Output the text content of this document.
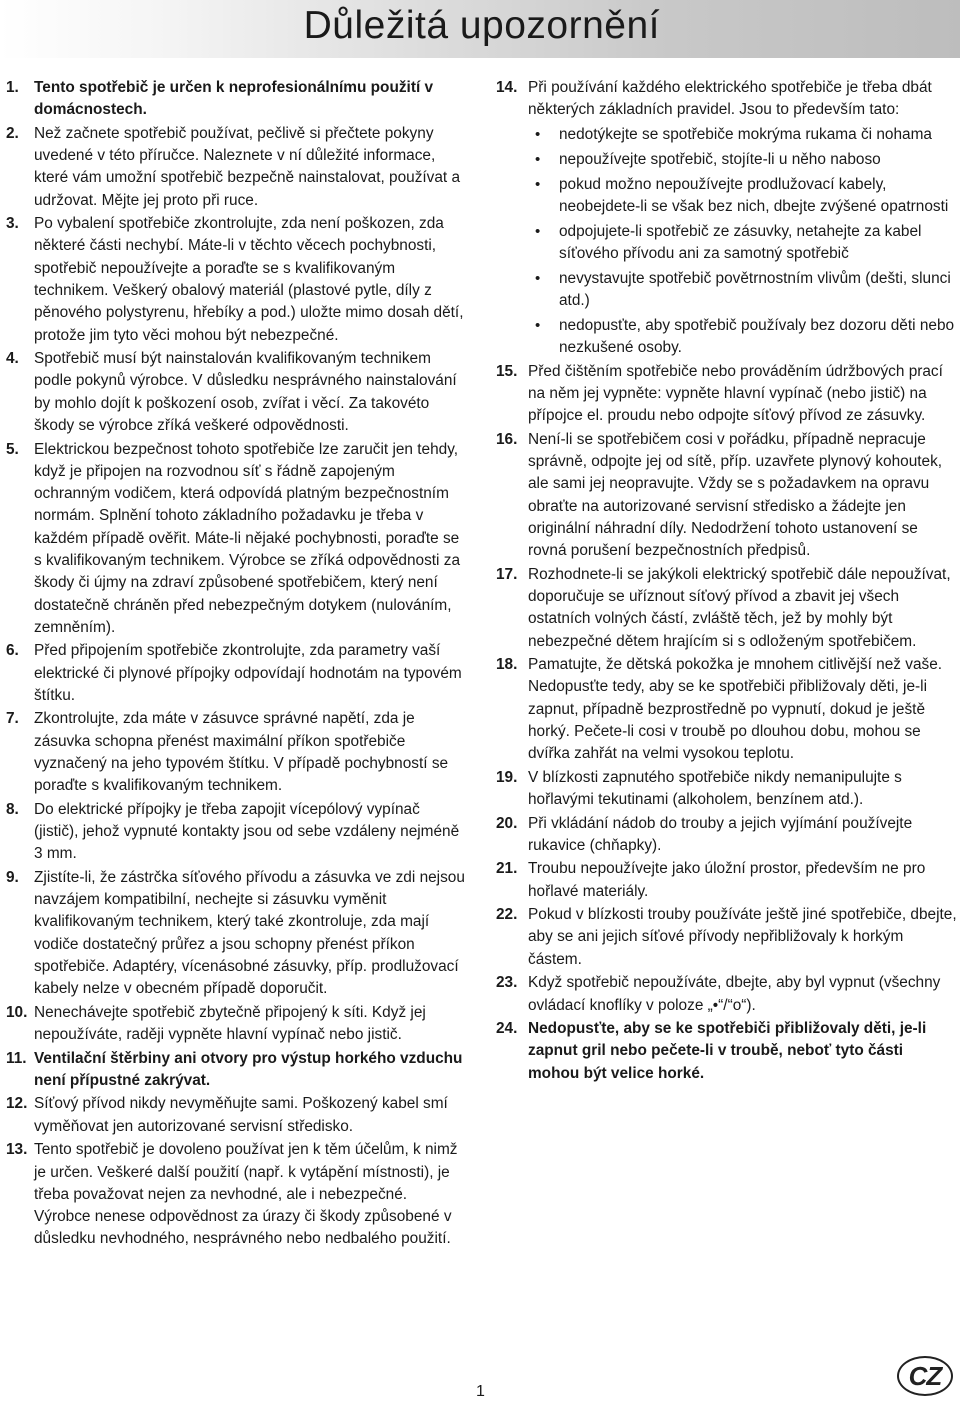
Důležitá upozornění
1. Tento spotřebič je určen k neprofesionálnímu použití v domácnostech.
2. Než začnete spotřebič používat, pečlivě si přečtete pokyny uvedené v této příručce. Naleznete v ní důležité informace, které vám umožní spotřebič bezpečně nainstalovat, používat a udržovat. Mějte jej proto při ruce.
3. Po vybalení spotřebiče zkontrolujte, zda není poškozen, zda některé části nechybí. Máte-li v těchto věcech pochybnosti, spotřebič nepoužívejte a poraďte se s kvalifikovaným technikem. Veškerý obalový materiál (plastové pytle, díly z pěnového polystyrenu, hřebíky a pod.) uložte mimo dosah dětí, protože jim tyto věci mohou být nebezpečné.
4. Spotřebič musí být nainstalován kvalifikovaným technikem podle pokynů výrobce. V důsledku nesprávného nainstalování by mohlo dojít k poškození osob, zvířat i věcí. Za takovéto škody se výrobce zříká veškeré odpovědnosti.
5. Elektrickou bezpečnost tohoto spotřebiče lze zaručit jen tehdy, když je připojen na rozvodnou síť s řádně zapojeným ochranným vodičem, která odpovídá platným bezpečnostním normám. Splnění tohoto základního požadavku je třeba v každém případě ověřit. Máte-li nějaké pochybnosti, poraďte se s kvalifikovaným technikem. Výrobce se zříká odpovědnosti za škody či újmy na zdraví způsobené spotřebičem, který není dostatečně chráněn před nebezpečným dotykem (nulováním, zemněním).
6. Před připojením spotřebiče zkontrolujte, zda parametry vaší elektrické či plynové přípojky odpovídají hodnotám na typovém štítku.
7. Zkontrolujte, zda máte v zásuvce správné napětí, zda je zásuvka schopna přenést maximální příkon spotřebiče vyznačený na jeho typovém štítku. V případě pochybností se poraďte s kvalifikovaným technikem.
8. Do elektrické přípojky je třeba zapojit vícepólový vypínač (jistič), jehož vypnuté kontakty jsou od sebe vzdáleny nejméně 3 mm.
9. Zjistíte-li, že zástrčka síťového přívodu a zásuvka ve zdi nejsou navzájem kompatibilní, nechejte si zásuvku vyměnit kvalifikovaným technikem, který také zkontroluje, zda mají vodiče dostatečný průřez a jsou schopny přenést příkon spotřebiče. Adaptéry, vícenásobné zásuvky, příp. prodlužovací kabely nelze v obecném případě doporučit.
10. Nenechávejte spotřebič zbytečně připojený k síti. Když jej nepoužíváte, raději vypněte hlavní vypínač nebo jistič.
11. Ventilační štěrbiny ani otvory pro výstup horkého vzduchu není přípustné zakrývat.
12. Síťový přívod nikdy nevyměňujte sami. Poškozený kabel smí vyměňovat jen autorizované servisní středisko.
13. Tento spotřebič je dovoleno používat jen k těm účelům, k nimž je určen. Veškeré další použití (např. k vytápění místnosti), je třeba považovat nejen za nevhodné, ale i nebezpečné. Výrobce nenese odpovědnost za úrazy či škody způsobené v důsledku nevhodného, nesprávného nebo nedbalého použití.
14. Při používání každého elektrického spotřebiče je třeba dbát některých základních pravidel. Jsou to především tato:
• nedotýkejte se spotřebiče mokrýma rukama či nohama
• nepoužívejte spotřebič, stojíte-li u něho naboso
• pokud možno nepoužívejte prodlužovací kabely, neobejdete-li se však bez nich, dbejte zvýšené opatrnosti
• odpojujete-li spotřebič ze zásuvky, netahejte za kabel síťového přívodu ani za samotný spotřebič
• nevystavujte spotřebič povětrnostním vlivům (dešti, slunci atd.)
• nedopusťte, aby spotřebič používaly bez dozoru děti nebo nezkušené osoby.
15. Před čištěním spotřebiče nebo prováděním údržbových prací na něm jej vypněte: vypněte hlavní vypínač (nebo jistič) na přípojce el. proudu nebo odpojte síťový přívod ze zásuvky.
16. Není-li se spotřebičem cosi v pořádku, případně nepracuje správně, odpojte jej od sítě, příp. uzavřete plynový kohoutek, ale sami jej neopravujte. Vždy se s požadavkem na opravu obraťte na autorizované servisní středisko a žádejte jen originální náhradní díly. Nedodržení tohoto ustanovení se rovná porušení bezpečnostních předpisů.
17. Rozhodnete-li se jakýkoli elektrický spotřebič dále nepoužívat, doporučuje se uříznout síťový přívod a zbavit jej všech ostatních volných částí, zvláště těch, jež by mohly být nebezpečné dětem hrajícím si s odloženým spotřebičem.
18. Pamatujte, že dětská pokožka je mnohem citlivější než vaše. Nedopusťte tedy, aby se ke spotřebiči přibližovaly děti, je-li zapnut, případně bezprostředně po vypnutí, dokud je ještě horký. Pečete-li cosi v troubě po dlouhou dobu, mohou se dvířka zahřát na velmi vysokou teplotu.
19. V blízkosti zapnutého spotřebiče nikdy nemanipulujte s hořlavými tekutinami (alkoholem, benzínem atd.).
20. Při vkládání nádob do trouby a jejich vyjímání používejte rukavice (chňapky).
21. Troubu nepoužívejte jako úložní prostor, především ne pro hořlavé materiály.
22. Pokud v blízkosti trouby používáte ještě jiné spotřebiče, dbejte, aby se ani jejich síťové přívody nepřibližovaly k horkým částem.
23. Když spotřebič nepoužíváte, dbejte, aby byl vypnut (všechny ovládací knoflíky v poloze „•“/“o“).
24. Nedopusťte, aby se ke spotřebiči přibližovaly děti, je-li zapnut gril nebo pečete-li v troubě, neboť tyto části mohou být velice horké.
1
CZ
